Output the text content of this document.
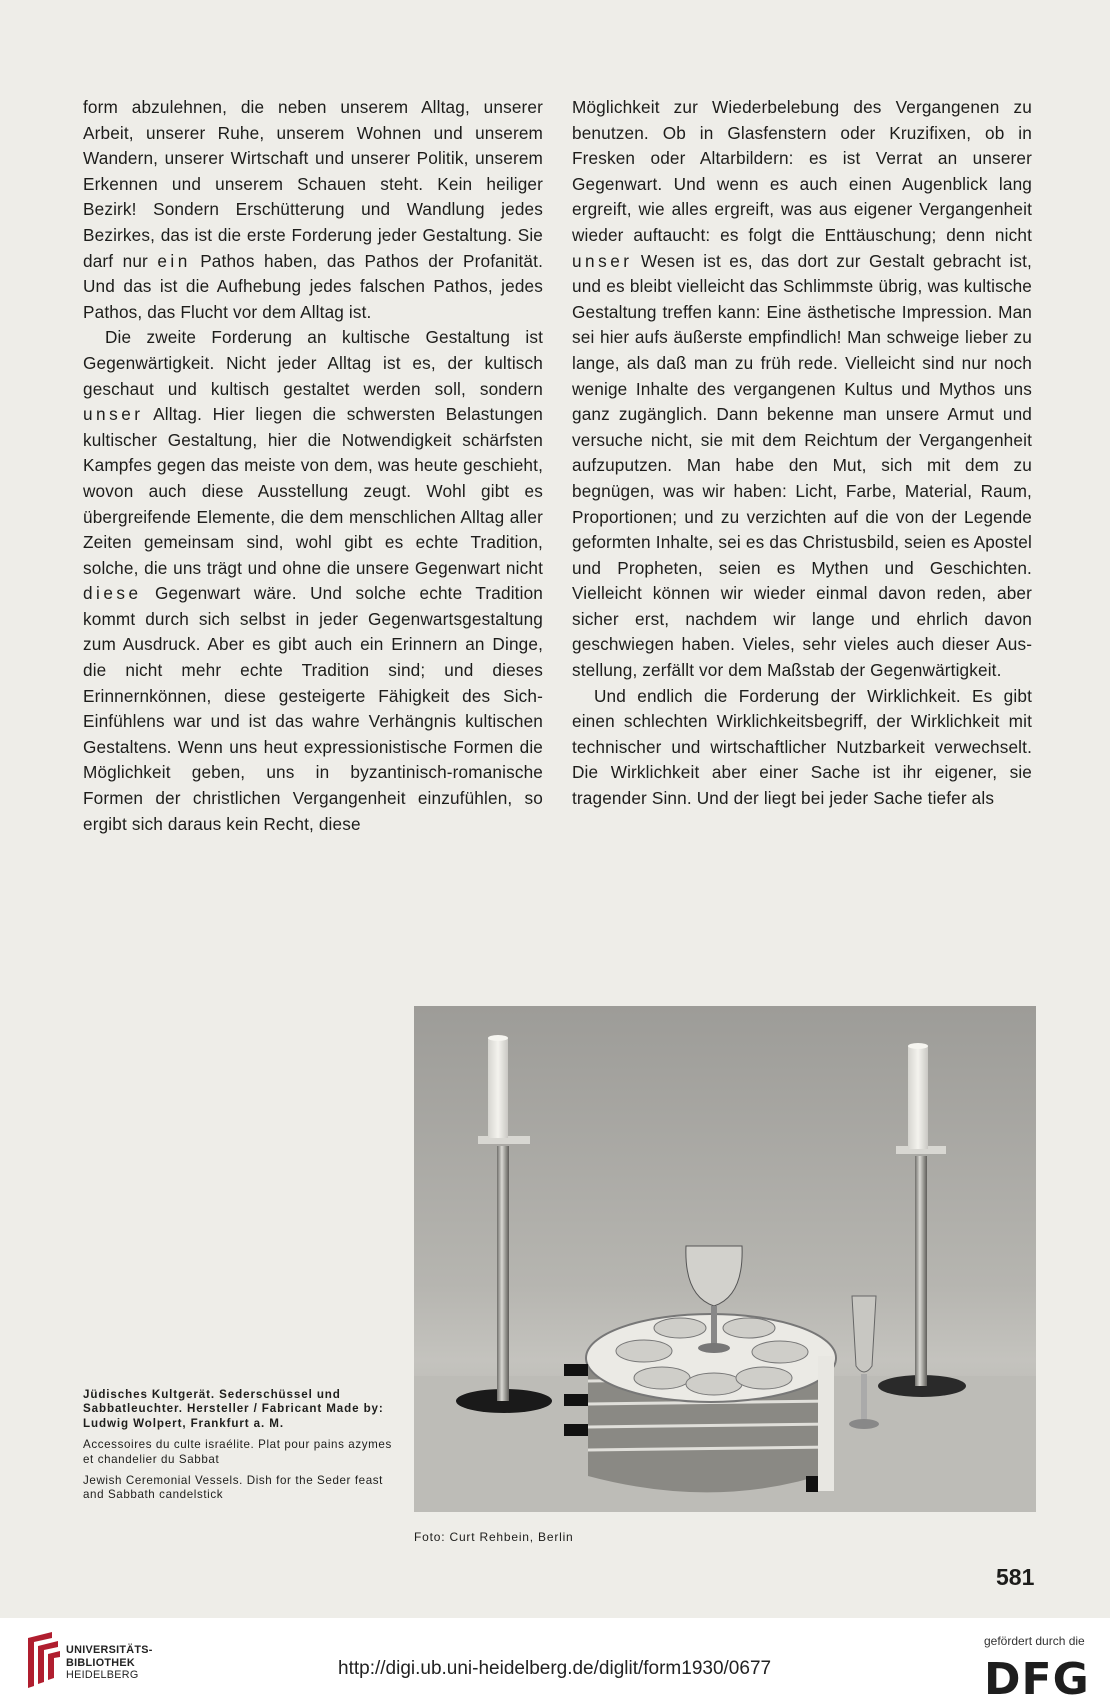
form abzulehnen, die neben unserem Alltag, unserer Arbeit, unserer Ruhe, unserem Wohnen und unserem Wandern, unserer Wirtschaft und unserer Politik, unserem Erkennen und unserem Schauen steht. Kein heiliger Bezirk! Sondern Erschütterung und Wandlung jedes Bezirkes, das ist die erste Forderung jeder Gestaltung. Sie darf nur ein Pathos haben, das Pathos der Profanität. Und das ist die Aufhebung jedes falschen Pathos, jedes Pathos, das Flucht vor dem Alltag ist.

Die zweite Forderung an kultische Gestaltung ist Gegenwärtigkeit. Nicht jeder Alltag ist es, der kultisch geschaut und kultisch gestaltet werden soll, sondern unser Alltag. Hier liegen die schwersten Belastungen kultischer Gestaltung, hier die Notwendigkeit schärfsten Kampfes gegen das meiste von dem, was heute geschieht, wovon auch diese Ausstellung zeugt. Wohl gibt es übergreifende Elemente, die dem menschlichen Alltag aller Zeiten gemeinsam sind, wohl gibt es echte Tradition, solche, die uns trägt und ohne die unsere Gegenwart nicht diese Gegenwart wäre. Und solche echte Tradition kommt durch sich selbst in jeder Gegenwartsgestaltung zum Ausdruck. Aber es gibt auch ein Erinnern an Dinge, die nicht mehr echte Tradition sind; und dieses Erinnernkönnen, diese gesteigerte Fähigkeit des Sich-Einfühlens war und ist das wahre Verhängnis kultischen Gestaltens. Wenn uns heut expressionistische Formen die Möglichkeit geben, uns in byzantinisch-romanische Formen der christlichen Vergangenheit einzufühlen, so ergibt sich daraus kein Recht, diese

Möglichkeit zur Wiederbelebung des Vergangenen zu benutzen. Ob in Glasfenstern oder Kruzifixen, ob in Fresken oder Altarbildern: es ist Verrat an unserer Gegenwart. Und wenn es auch einen Augenblick lang ergreift, wie alles ergreift, was aus eigener Vergangenheit wieder auftaucht: es folgt die Enttäuschung; denn nicht unser Wesen ist es, das dort zur Gestalt gebracht ist, und es bleibt vielleicht das Schlimmste übrig, was kultische Gestaltung treffen kann: Eine ästhetische Impression. Man sei hier aufs äußerste empfindlich! Man schweige lieber zu lange, als daß man zu früh rede. Vielleicht sind nur noch wenige Inhalte des vergangenen Kultus und Mythos uns ganz zugänglich. Dann bekenne man unsere Armut und versuche nicht, sie mit dem Reichtum der Vergangenheit aufzuputzen. Man habe den Mut, sich mit dem zu begnügen, was wir haben: Licht, Farbe, Material, Raum, Proportionen; und zu verzichten auf die von der Legende geformten Inhalte, sei es das Christusbild, seien es Apostel und Propheten, seien es Mythen und Geschichten. Vielleicht können wir wieder einmal davon reden, aber sicher erst, nachdem wir lange und ehrlich davon geschwiegen haben. Vieles, sehr vieles auch dieser Ausstellung, zerfällt vor dem Maßstab der Gegenwärtigkeit.

Und endlich die Forderung der Wirklichkeit. Es gibt einen schlechten Wirklichkeitsbegriff, der Wirklichkeit mit technischer und wirtschaftlicher Nutzbarkeit verwechselt. Die Wirklichkeit aber einer Sache ist ihr eigener, sie tragender Sinn. Und der liegt bei jeder Sache tiefer als

Jüdisches Kultgerät. Sederschüssel und Sabbatleuchter. Hersteller / Fabricant Made by: Ludwig Wolpert, Frankfurt a. M.

Accessoires du culte israélite. Plat pour pains azymes et chandelier du Sabbat

Jewish Ceremonial Vessels. Dish for the Seder feast and Sabbath candelstick

Foto: Curt Rehbein, Berlin
581
UNIVERSITÄTS-
BIBLIOTHEK
HEIDELBERG	http://digi.ub.uni-heidelberg.de/diglit/form1930/0677
gefördert durch die
DFG
